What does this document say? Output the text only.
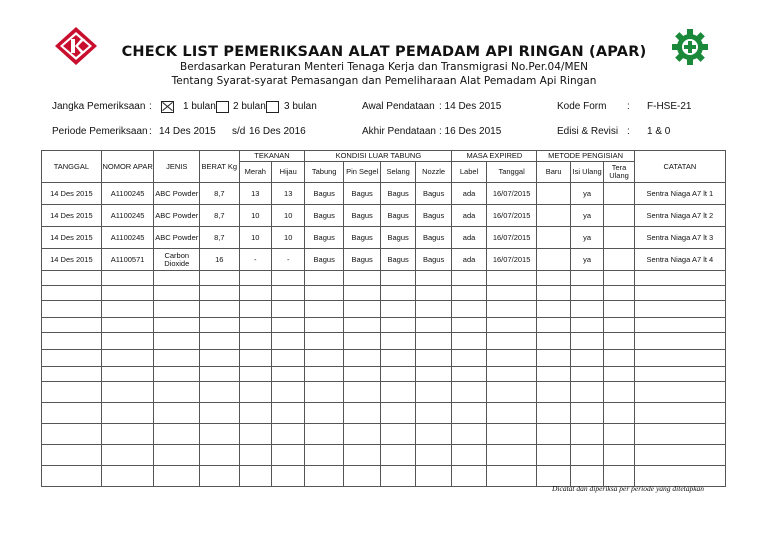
CHECK LIST PEMERIKSAAN ALAT PEMADAM API RINGAN (APAR)
Berdasarkan Peraturan Menteri Tenaga Kerja dan Transmigrasi No.Per.04/MEN
Tentang Syarat-syarat Pemasangan dan Pemeliharaan Alat Pemadam Api Ringan
Jangka Pemeriksaan :	1 bulan 2 bulan 3 bulan	Awal Pendataan : 14 Des 2015	Kode Form : F-HSE-21
Periode Pemeriksaan : 14 Des 2015 s/d 16 Des 2016	Akhir Pendataan : 16 Des 2015	Edisi & Revisi : 1 & 0
TANGGAL	NOMOR APAR	JENIS	BERAT Kg	TEKANAN		KONDISI LUAR TABUNG				MASA EXPIRED		METODE PENGISIAN			CATATAN
				Merah	Hijau	Tabung	Pin Segel	Selang	Nozzle	Label	Tanggal	Baru	Isi Ulang	Tera Ulang	
14 Des 2015	A1100245	ABC Powder	8,7	13	13	Bagus	Bagus	Bagus	Bagus	ada	16/07/2015		ya		Sentra Niaga A7 lt 1
14 Des 2015	A1100245	ABC Powder	8,7	10	10	Bagus	Bagus	Bagus	Bagus	ada	16/07/2015		ya		Sentra Niaga A7 lt 2
14 Des 2015	A1100245	ABC Powder	8,7	10	10	Bagus	Bagus	Bagus	Bagus	ada	16/07/2015		ya		Sentra Niaga A7 lt 3
14 Des 2015	A1100571	Carbon Dioxide	16	-	-	Bagus	Bagus	Bagus	Bagus	ada	16/07/2015		ya		Sentra Niaga A7 lt 4

Dicatat dan diperiksa per periode yang ditetapkan
